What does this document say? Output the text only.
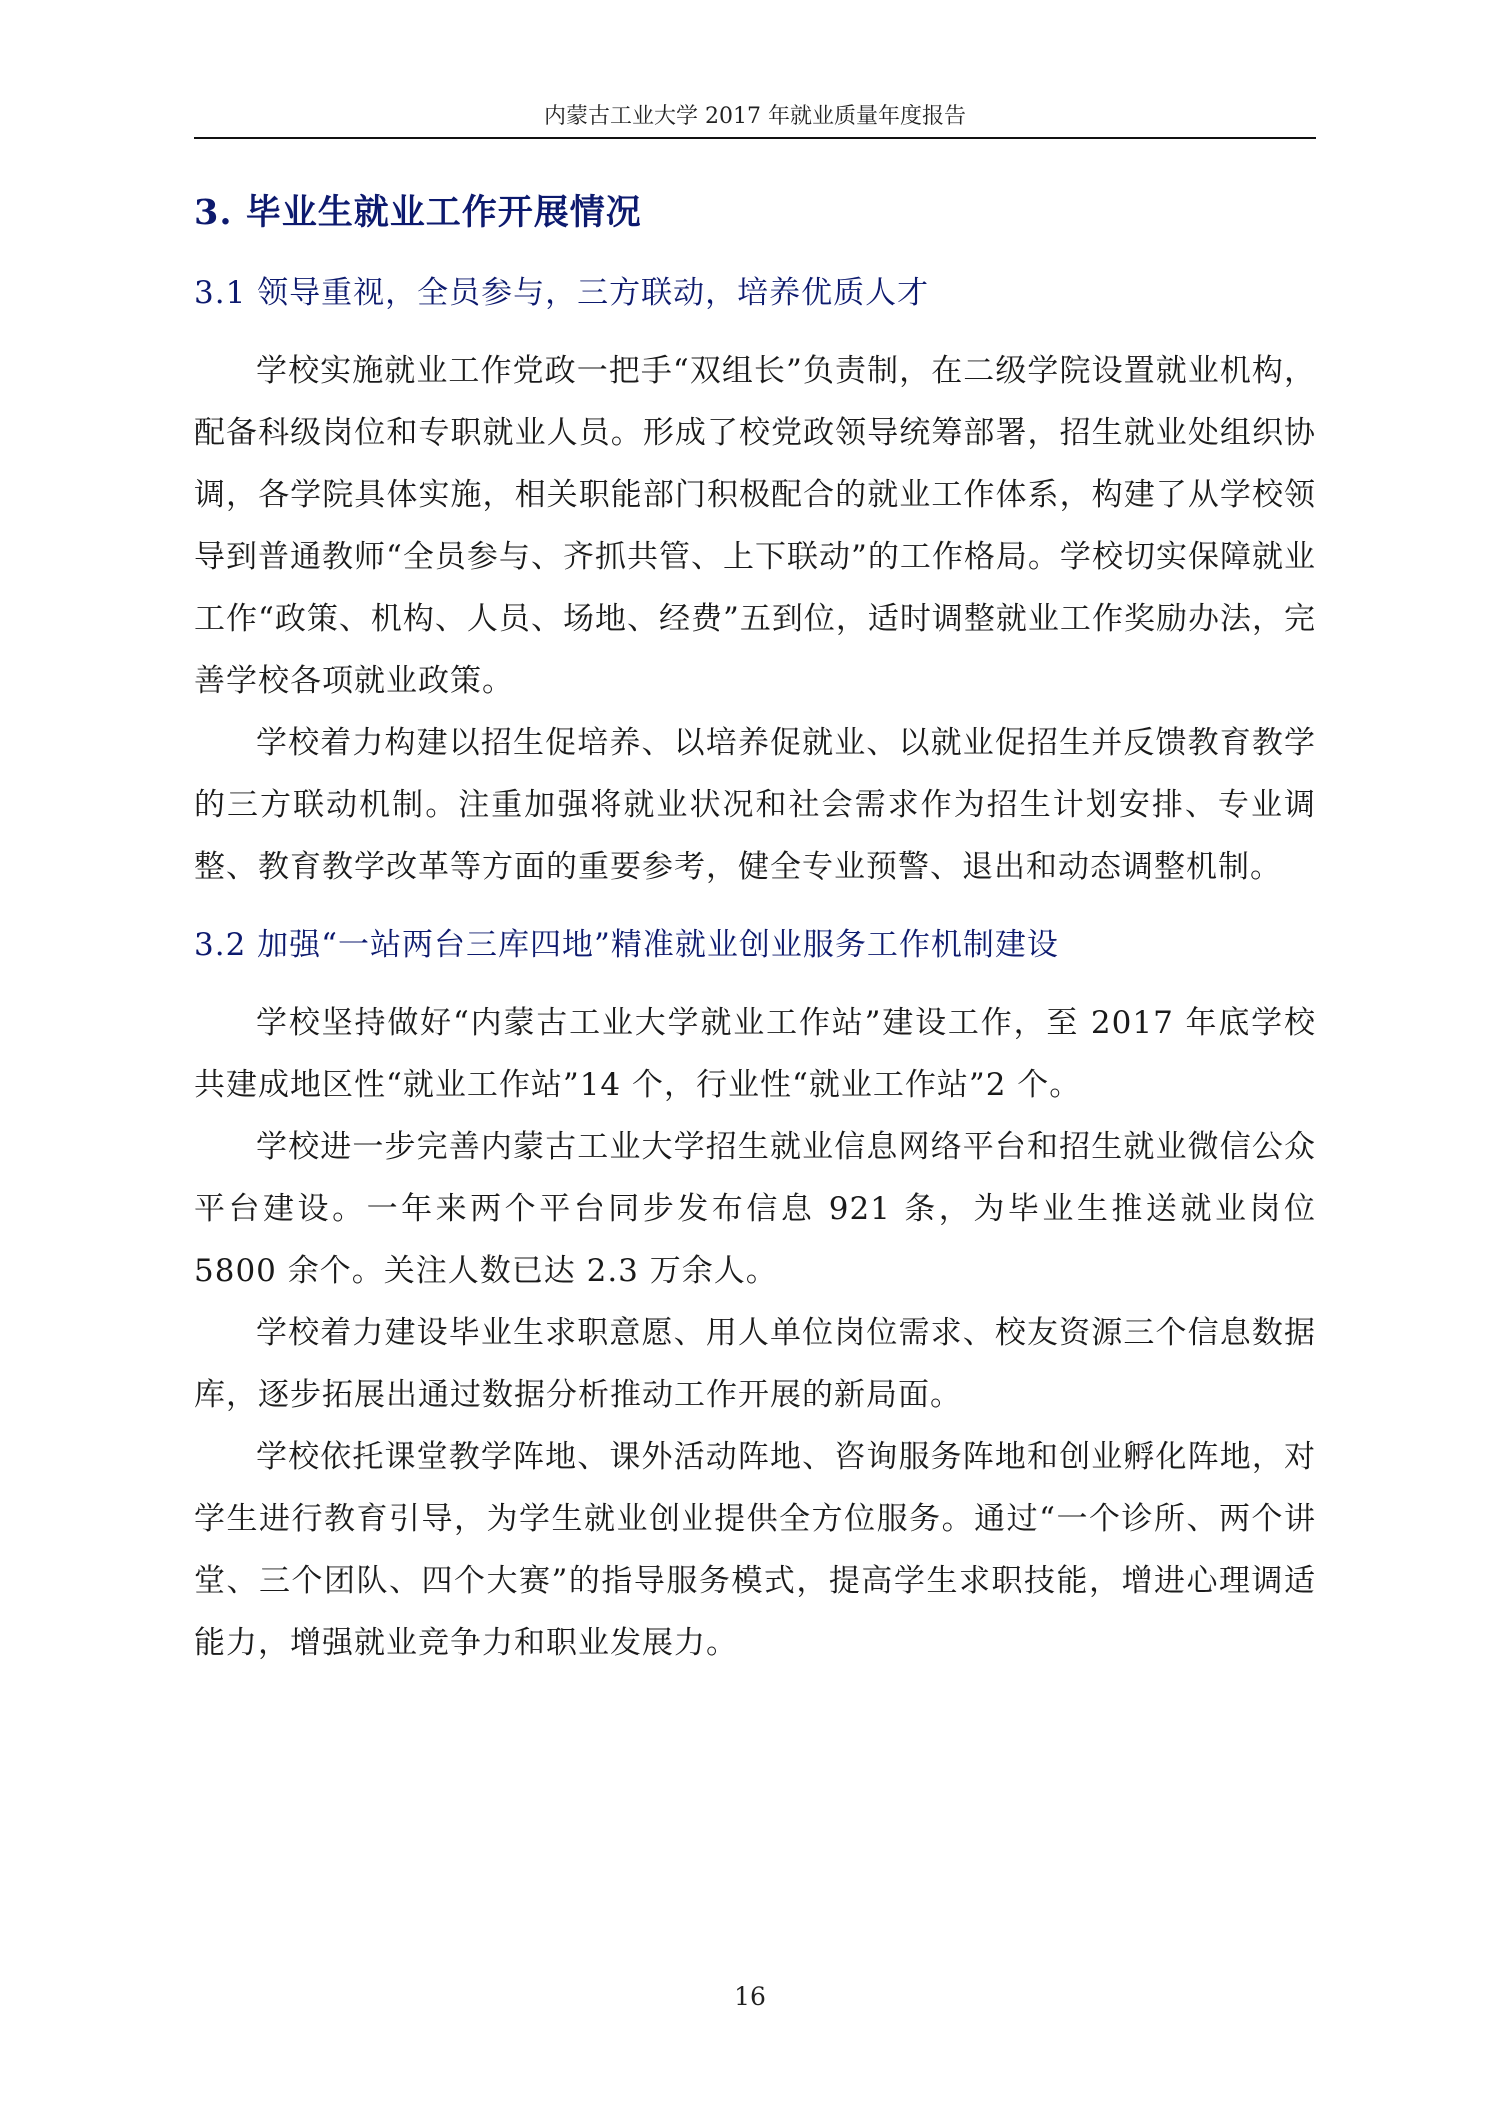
内蒙古工业大学 2017 年就业质量年度报告
3. 毕业生就业工作开展情况
3.1 领导重视，全员参与，三方联动，培养优质人才

学校实施就业工作党政一把手“双组长”负责制，在二级学院设置就业机构，配备科级岗位和专职就业人员。形成了校党政领导统筹部署，招生就业处组织协调，各学院具体实施，相关职能部门积极配合的就业工作体系，构建了从学校领导到普通教师“全员参与、齐抓共管、上下联动”的工作格局。学校切实保障就业工作“政策、机构、人员、场地、经费”五到位，适时调整就业工作奖励办法，完善学校各项就业政策。

学校着力构建以招生促培养、以培养促就业、以就业促招生并反馈教育教学的三方联动机制。注重加强将就业状况和社会需求作为招生计划安排、专业调整、教育教学改革等方面的重要参考，健全专业预警、退出和动态调整机制。

3.2 加强“一站两台三库四地”精准就业创业服务工作机制建设

学校坚持做好“内蒙古工业大学就业工作站”建设工作，至 2017 年底学校共建成地区性“就业工作站”14 个，行业性“就业工作站”2 个。

学校进一步完善内蒙古工业大学招生就业信息网络平台和招生就业微信公众平台建设。一年来两个平台同步发布信息 921 条，为毕业生推送就业岗位 5800 余个。关注人数已达 2.3 万余人。

学校着力建设毕业生求职意愿、用人单位岗位需求、校友资源三个信息数据库，逐步拓展出通过数据分析推动工作开展的新局面。

学校依托课堂教学阵地、课外活动阵地、咨询服务阵地和创业孵化阵地，对学生进行教育引导，为学生就业创业提供全方位服务。通过“一个诊所、两个讲堂、三个团队、四个大赛”的指导服务模式，提高学生求职技能，增进心理调适能力，增强就业竞争力和职业发展力。

16
